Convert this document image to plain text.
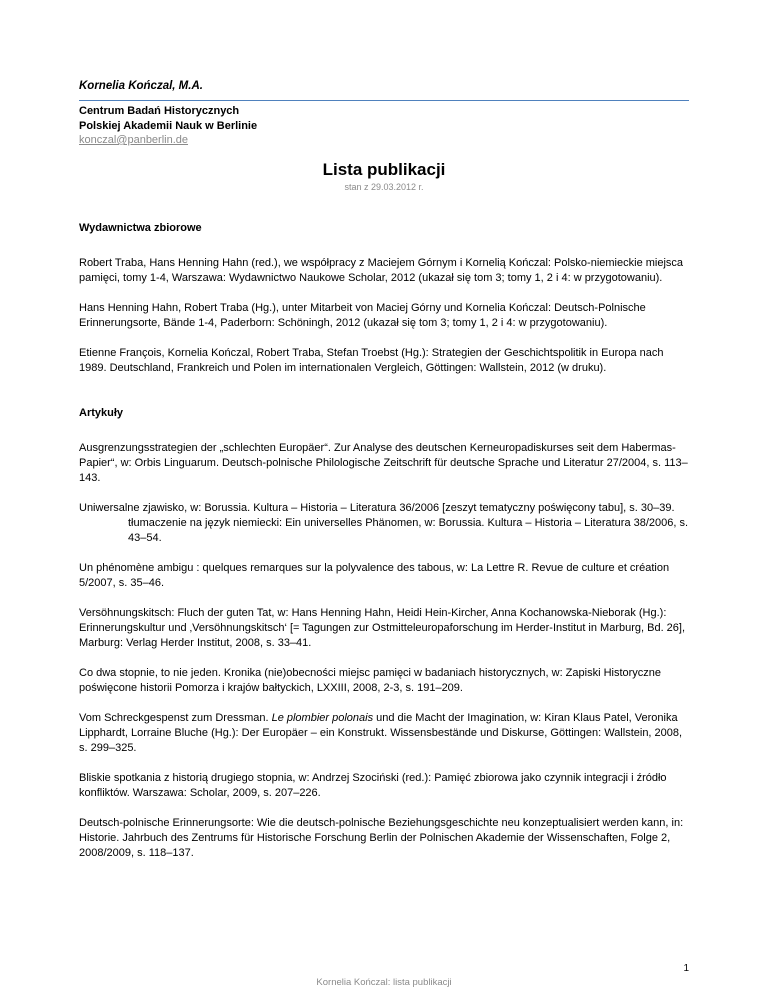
Kornelia Kończal, M.A.
Centrum Badań Historycznych
Polskiej Akademii Nauk w Berlinie
konczal@panberlin.de
Lista publikacji
stan z 29.03.2012 r.

Wydawnictwa zbiorowe

Robert Traba, Hans Henning Hahn (red.), we współpracy z Maciejem Górnym i Kornelią Kończal: Polsko-niemieckie miejsca pamięci, tomy 1-4, Warszawa: Wydawnictwo Naukowe Scholar, 2012 (ukazał się tom 3; tomy 1, 2 i 4: w przygotowaniu).

Hans Henning Hahn, Robert Traba (Hg.), unter Mitarbeit von Maciej Górny und Kornelia Kończal: Deutsch-Polnische Erinnerungsorte, Bände 1-4, Paderborn: Schöningh, 2012 (ukazał się tom 3; tomy 1, 2 i 4: w przygotowaniu).

Etienne François, Kornelia Kończal, Robert Traba, Stefan Troebst (Hg.): Strategien der Geschichtspolitik in Europa nach 1989. Deutschland, Frankreich und Polen im internationalen Vergleich, Göttingen: Wallstein, 2012 (w druku).

Artykuły

Ausgrenzungsstrategien der „schlechten Europäer“. Zur Analyse des deutschen Kerneuropadiskurses seit dem Habermas-Papier“, w: Orbis Linguarum. Deutsch-polnische Philologische Zeitschrift für deutsche Sprache und Literatur 27/2004, s. 113–143.

Uniwersalne zjawisko, w: Borussia. Kultura – Historia – Literatura 36/2006 [zeszyt tematyczny poświęcony tabu], s. 30–39.

tłumaczenie na język niemiecki: Ein universelles Phänomen, w: Borussia. Kultura – Historia – Literatura 38/2006, s. 43–54.

Un phénomène ambigu : quelques remarques sur la polyvalence des tabous, w: La Lettre R. Revue de culture et création 5/2007, s. 35–46.

Versöhnungskitsch: Fluch der guten Tat, w: Hans Henning Hahn, Heidi Hein-Kircher, Anna Kochanowska-Nieborak (Hg.): Erinnerungskultur und ‚Versöhnungskitsch‘ [= Tagungen zur Ostmitteleuropaforschung im Herder-Institut in Marburg, Bd. 26], Marburg: Verlag Herder Institut, 2008, s. 33–41.

Co dwa stopnie, to nie jeden. Kronika (nie)obecności miejsc pamięci w badaniach historycznych, w: Zapiski Historyczne poświęcone historii Pomorza i krajów bałtyckich, LXXIII, 2008, 2-3, s. 191–209.

Vom Schreckgespenst zum Dressman. Le plombier polonais und die Macht der Imagination, w: Kiran Klaus Patel, Veronika Lipphardt, Lorraine Bluche (Hg.): Der Europäer – ein Konstrukt. Wissensbestände und Diskurse, Göttingen: Wallstein, 2008, s. 299–325.

Bliskie spotkania z historią drugiego stopnia, w: Andrzej Szociński (red.): Pamięć zbiorowa jako czynnik integracji i źródło konfliktów. Warszawa: Scholar, 2009, s. 207–226.

Deutsch-polnische Erinnerungsorte: Wie die deutsch-polnische Beziehungsgeschichte neu konzeptualisiert werden kann, in: Historie. Jahrbuch des Zentrums für Historische Forschung Berlin der Polnischen Akademie der Wissenschaften, Folge 2, 2008/2009, s. 118–137.

1
Kornelia Kończal: lista publikacji
